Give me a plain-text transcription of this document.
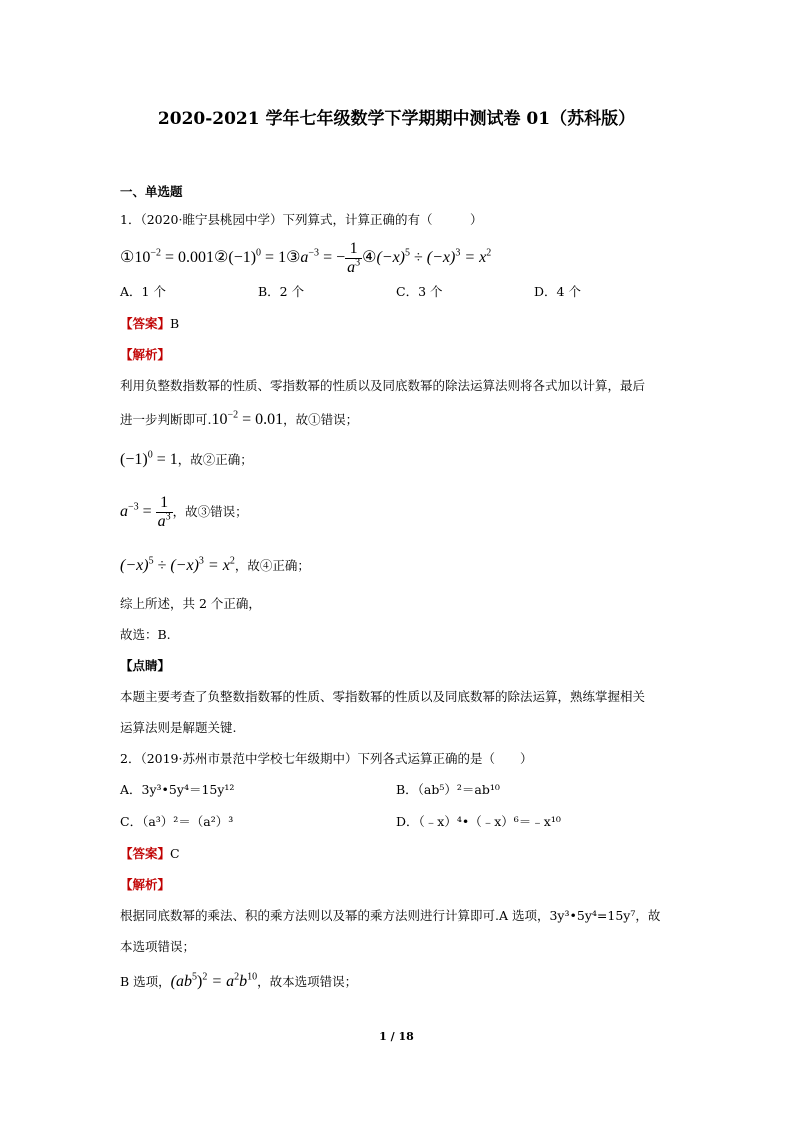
2020-2021 学年七年级数学下学期期中测试卷 01（苏科版）
一、单选题
1．（2020·睢宁县桃园中学）下列算式，计算正确的有（　　　）
$①10^{-2}$ = $0.001②(-1)^0$ = $1③a^{-3}$ = − $\frac{1}{a^3}$ $④(-x)^5 \div (-x)^3 = x^2$
A．1 个	B．2 个	C．3 个	D．4 个
【答案】B
【解析】
利用负整数指数幂的性质、零指数幂的性质以及同底数幂的除法运算法则将各式加以计算，最后
进一步判断即可$.10^{-2} = 0.01$，故①错误；
$(-1)^0 = 1$，故②正确；
$a^{-3} = \frac{1}{a^3}$ ，故③错误；
$(-x)^5 \div (-x)^3 = x^2$，故④正确；
综上所述，共 2 个正确，
故选：B.
【点睛】
本题主要考查了负整数指数幂的性质、零指数幂的性质以及同底数幂的除法运算，熟练掌握相关
运算法则是解题关键.
2．（2019·苏州市景范中学校七年级期中）下列各式运算正确的是（　　）
A．3y³•5y⁴＝15y¹²	B．（ab⁵）²＝ab¹⁰
C．（a³）²＝（a²）³	D．（﹣x）⁴•（﹣x）⁶＝﹣x¹⁰
【答案】C
【解析】
根据同底数幂的乘法、积的乘方法则以及幂的乘方法则进行计算即可.A 选项，3y³•5y⁴=15y⁷，故
本选项错误；
B 选项，$(ab^5)^2 = a^2b^{10}$，故本选项错误；
1 / 18
